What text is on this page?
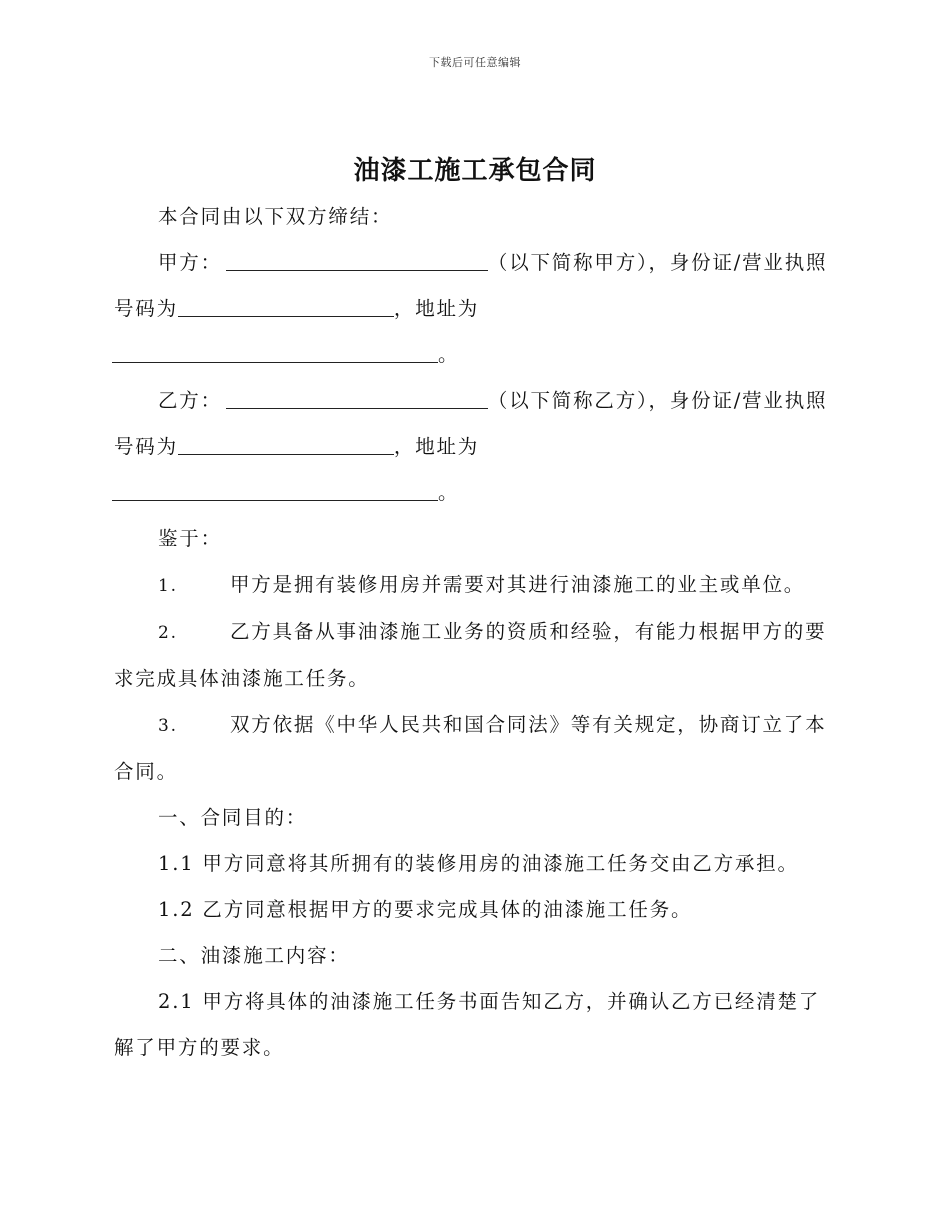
下载后可任意编辑
油漆工施工承包合同

本合同由以下双方缔结：

甲方：	（以下简称甲方），身份证/营业执照号码为	，地址为
。

乙方：	（以下简称乙方），身份证/营业执照号码为	，地址为
。

鉴于：

1.	甲方是拥有装修用房并需要对其进行油漆施工的业主或单位。

2.	乙方具备从事油漆施工业务的资质和经验，有能力根据甲方的要求完成具体油漆施工任务。

3.	双方依据《中华人民共和国合同法》等有关规定，协商订立了本合同。

一、合同目的：

1.1 甲方同意将其所拥有的装修用房的油漆施工任务交由乙方承担。

1.2 乙方同意根据甲方的要求完成具体的油漆施工任务。

二、油漆施工内容：

2.1 甲方将具体的油漆施工任务书面告知乙方，并确认乙方已经清楚了解了甲方的要求。
